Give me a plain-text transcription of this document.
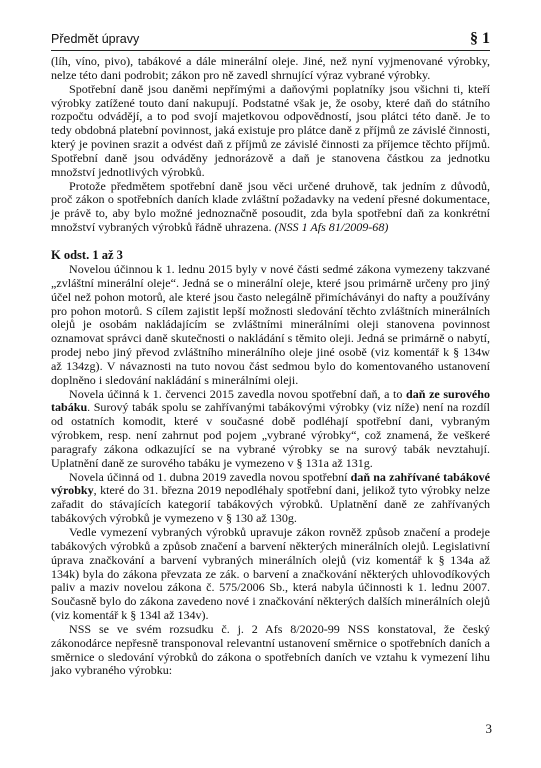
Předmět úpravy	§ 1

(líh, víno, pivo), tabákové a dále minerální oleje. Jiné, než nyní vyjmenované výrobky, nelze této dani podrobit; zákon pro ně zavedl shrnující výraz vybrané výrobky.

Spotřební daně jsou daněmi nepřímými a daňovými poplatníky jsou všichni ti, kteří výrobky zatížené touto daní nakupují. Podstatné však je, že osoby, které daň do státního rozpočtu odvádějí, a to pod svojí majetkovou odpovědností, jsou plátci této daně. Je to tedy obdobná platební povinnost, jaká existuje pro plátce daně z příjmů ze závislé činnosti, který je povinen srazit a odvést daň z příjmů ze závislé činnosti za příjemce těchto příjmů. Spotřební daně jsou odváděny jednorázově a daň je stanovena částkou za jednotku množství jednotlivých výrobků.

Protože předmětem spotřební daně jsou věci určené druhově, tak jedním z důvodů, proč zákon o spotřebních daních klade zvláštní požadavky na vedení přesné dokumentace, je právě to, aby bylo možné jednoznačně posoudit, zda byla spotřební daň za konkrétní množství vybraných výrobků řádně uhrazena. (NSS 1 Afs 81/2009-68)

K odst. 1 až 3

Novelou účinnou k 1. lednu 2015 byly v nové části sedmé zákona vymezeny takzvané „zvláštní minerální oleje“. Jedná se o minerální oleje, které jsou primárně určeny pro jiný účel než pohon motorů, ale které jsou často nelegálně přimícháványi do nafty a používány pro pohon motorů. S cílem zajistit lepší možnosti sledování těchto zvláštních minerálních olejů je osobám nakládajícím se zvláštními minerálními oleji stanovena povinnost oznamovat správci daně skutečnosti o nakládání s těmito oleji. Jedná se primárně o nabytí, prodej nebo jiný převod zvláštního minerálního oleje jiné osobě (viz komentář k § 134w až 134zg). V návaznosti na tuto novou část sedmou bylo do komentovaného ustanovení doplněno i sledování nakládání s minerálními oleji.

Novela účinná k 1. červenci 2015 zavedla novou spotřební daň, a to daň ze surového tabáku. Surový tabák spolu se zahřívanými tabákovými výrobky (viz níže) není na rozdíl od ostatních komodit, které v současné době podléhají spotřební dani, vybraným výrobkem, resp. není zahrnut pod pojem „vybrané výrobky“, což znamená, že veškeré paragrafy zákona odkazující se na vybrané výrobky se na surový tabák nevztahují. Uplatnění daně ze surového tabáku je vymezeno v § 131a až 131g.

Novela účinná od 1. dubna 2019 zavedla novou spotřební daň na zahřívané tabákové výrobky, které do 31. března 2019 nepodléhaly spotřební dani, jelikož tyto výrobky nelze zařadit do stávajících kategorií tabákových výrobků. Uplatnění daně ze zahřívaných tabákových výrobků je vymezeno v § 130 až 130g.

Vedle vymezení vybraných výrobků upravuje zákon rovněž způsob značení a prodeje tabákových výrobků a způsob značení a barvení některých minerálních olejů. Legislativní úprava značkování a barvení vybraných minerálních olejů (viz komentář k § 134a až 134k) byla do zákona převzata ze zák. o barvení a značkování některých uhlovodíkových paliv a maziv novelou zákona č. 575/2006 Sb., která nabyla účinnosti k 1. lednu 2007. Současně bylo do zákona zavedeno nové i značkování některých dalších minerálních olejů (viz komentář k § 134l až 134v).

NSS se ve svém rozsudku č. j. 2 Afs 8/2020-99 NSS konstatoval, že český zákonodárce nepřesně transponoval relevantní ustanovení směrnice o spotřebních daních a směrnice o sledování výrobků do zákona o spotřebních daních ve vztahu k vymezení lihu jako vybraného výrobku:

3
